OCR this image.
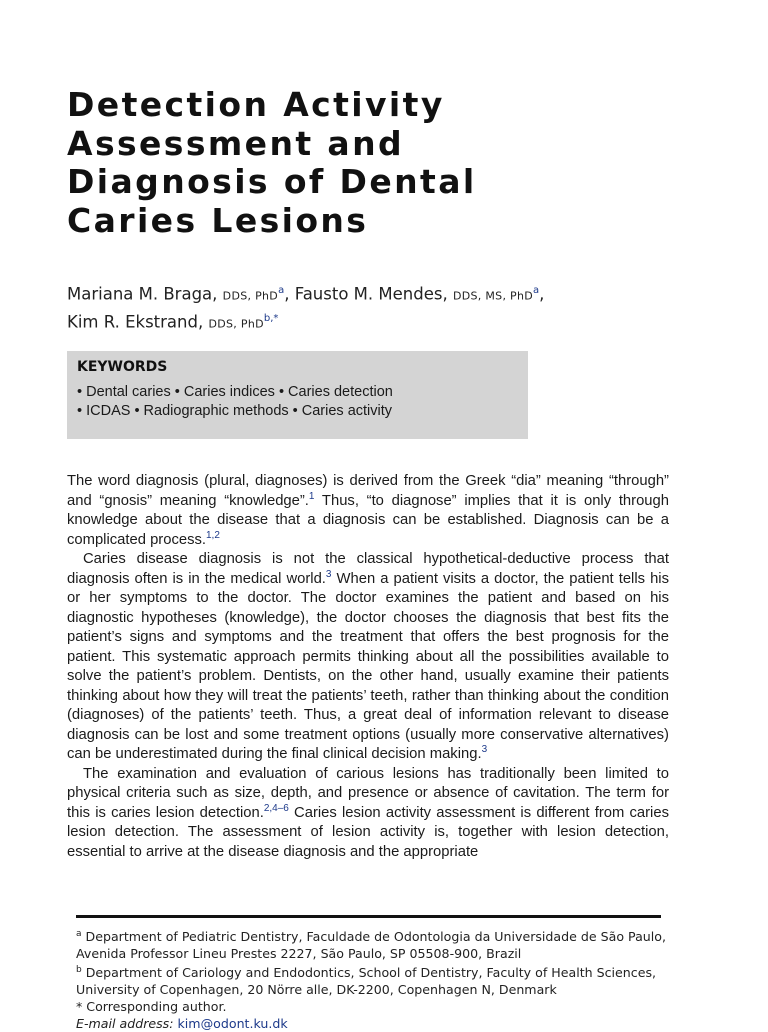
Detection Activity
Assessment and
Diagnosis of Dental
Caries Lesions
Mariana M. Braga, DDS, PhD$^a$, Fausto M. Mendes, DDS, MS, PhD$^a$,
Kim R. Ekstrand, DDS, PhD$^{b,*}$
KEYWORDS
• Dental caries • Caries indices • Caries detection
• ICDAS • Radiographic methods • Caries activity

The word diagnosis (plural, diagnoses) is derived from the Greek “dia” meaning “through” and “gnosis” meaning “knowledge”.$^1$ Thus, “to diagnose” implies that it is only through knowledge about the disease that a diagnosis can be established. Diagnosis can be a complicated process.$^{1,2}$

Caries disease diagnosis is not the classical hypothetical-deductive process that diagnosis often is in the medical world.$^3$ When a patient visits a doctor, the patient tells his or her symptoms to the doctor. The doctor examines the patient and based on his diagnostic hypotheses (knowledge), the doctor chooses the diagnosis that best fits the patient’s signs and symptoms and the treatment that offers the best prognosis for the patient. This systematic approach permits thinking about all the possibilities available to solve the patient’s problem. Dentists, on the other hand, usually examine their patients thinking about how they will treat the patients’ teeth, rather than thinking about the condition (diagnoses) of the patients’ teeth. Thus, a great deal of information relevant to disease diagnosis can be lost and some treatment options (usually more conservative alternatives) can be underestimated during the final clinical decision making.$^3$

The examination and evaluation of carious lesions has traditionally been limited to physical criteria such as size, depth, and presence or absence of cavitation. The term for this is caries lesion detection.$^{2,4-6}$ Caries lesion activity assessment is different from caries lesion detection. The assessment of lesion activity is, together with lesion detection, essential to arrive at the disease diagnosis and the appropriate

$^a$ Department of Pediatric Dentistry, Faculdade de Odontologia da Universidade de São Paulo,
Avenida Professor Lineu Prestes 2227, São Paulo, SP 05508-900, Brazil
$^b$ Department of Cariology and Endodontics, School of Dentistry, Faculty of Health Sciences,
University of Copenhagen, 20 Nörre alle, DK-2200, Copenhagen N, Denmark
* Corresponding author.
E-mail address: kim@odont.ku.dk
